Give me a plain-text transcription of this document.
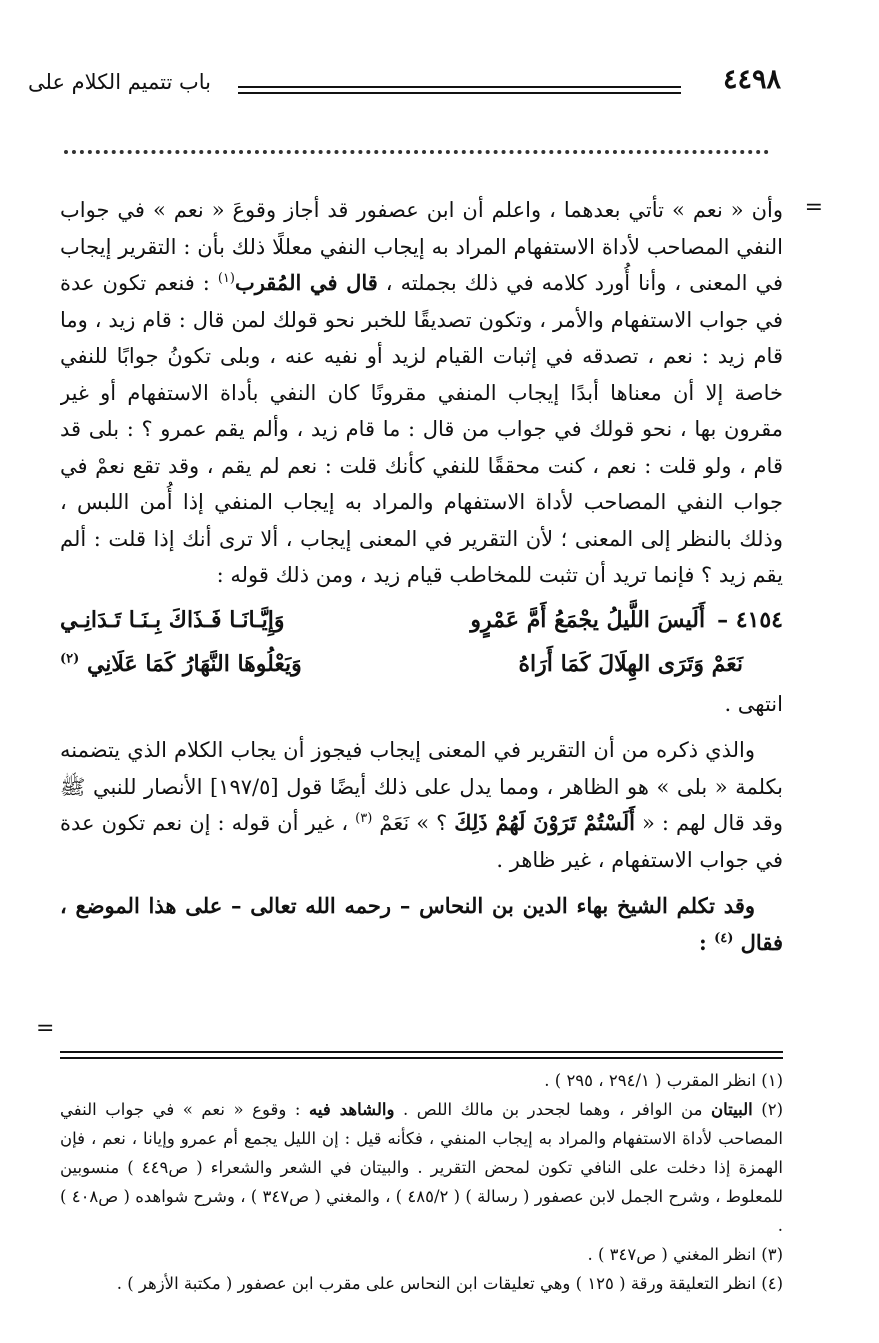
٤٤٩٨
باب تتميم الكلام على
=

وأن « نعم » تأتي بعدهما ، واعلم أن ابن عصفور قد أجاز وقوعَ « نعم » في جواب النفي المصاحب لأداة الاستفهام المراد به إيجاب النفي معللًا ذلك بأن : التقرير إيجاب في المعنى ، وأنا أُورد كلامه في ذلك بجملته ، قال في المُقرب$^{(١)}$ : فنعم تكون عدة في جواب الاستفهام والأمر ، وتكون تصديقًا للخبر نحو قولك لمن قال : قام زيد ، وما قام زيد : نعم ، تصدقه في إثبات القيام لزيد أو نفيه عنه ، وبلى تكونُ جوابًا للنفي خاصة إلا أن معناها أبدًا إيجاب المنفي مقرونًا كان النفي بأداة الاستفهام أو غير مقرون بها ، نحو قولك في جواب من قال : ما قام زيد ، وألم يقم عمرو ؟ : بلى قد قام ، ولو قلت : نعم ، كنت محققًا للنفي كأنك قلت : نعم لم يقم ، وقد تقع نعمْ في جواب النفي المصاحب لأداة الاستفهام والمراد به إيجاب المنفي إذا أُمن اللبس ، وذلك بالنظر إلى المعنى ؛ لأن التقرير في المعنى إيجاب ، ألا ترى أنك إذا قلت : ألم يقم زيد ؟ فإنما تريد أن تثبت للمخاطب قيام زيد ، ومن ذلك قوله :

٤١٥٤ –أَلَيسَ اللَّيلُ يجْمَعُ أَمَّ عَمْرٍو
وَإِيَّـانَـا فَـذَاكَ بِـنَـا تَـدَانِـي
نَعَمْ وَتَرَى الهِلَالَ كَمَا أَرَاهُ
وَيَعْلُوهَا النَّهَارُ كَمَا عَلَانِي $^{(٢)}$

انتهى .

والذي ذكره من أن التقرير في المعنى إيجاب فيجوز أن يجاب الكلام الذي يتضمنه بكلمة « بلى » هو الظاهر ، ومما يدل على ذلك أيضًا قول [١٩٧/٥] الأنصار للنبي ﷺ وقد قال لهم : « أَلَسْتُمْ تَرَوْنَ لَهُمْ ذَلِكَ ؟ » نَعَمْ $^{(٣)}$ ، غير أن قوله : إن نعم تكون عدة في جواب الاستفهام ، غير ظاهر .

وقد تكلم الشيخ بهاء الدين بن النحاس – رحمه الله تعالى – على هذا الموضع ، فقال $^{(٤)}$ :

=

(١) انظر المقرب ( ٢٩٤/١ ، ٢٩٥ ) .

(٢) البيتان من الوافر ، وهما لجحدر بن مالك اللص . والشاهد فيه : وقوع « نعم » في جواب النفي المصاحب لأداة الاستفهام والمراد به إيجاب المنفي ، فكأنه قيل : إن الليل يجمع أم عمرو وإيانا ، نعم ، فإن الهمزة إذا دخلت على النافي تكون لمحض التقرير . والبيتان في الشعر والشعراء ( ص٤٤٩ ) منسوبين للمعلوط ، وشرح الجمل لابن عصفور ( رسالة ) ( ٤٨٥/٢ ) ، والمغني ( ص٣٤٧ ) ، وشرح شواهده ( ص٤٠٨ ) .

(٣) انظر المغني ( ص٣٤٧ ) .

(٤) انظر التعليقة ورقة ( ١٢٥ ) وهي تعليقات ابن النحاس على مقرب ابن عصفور ( مكتبة الأزهر ) .
